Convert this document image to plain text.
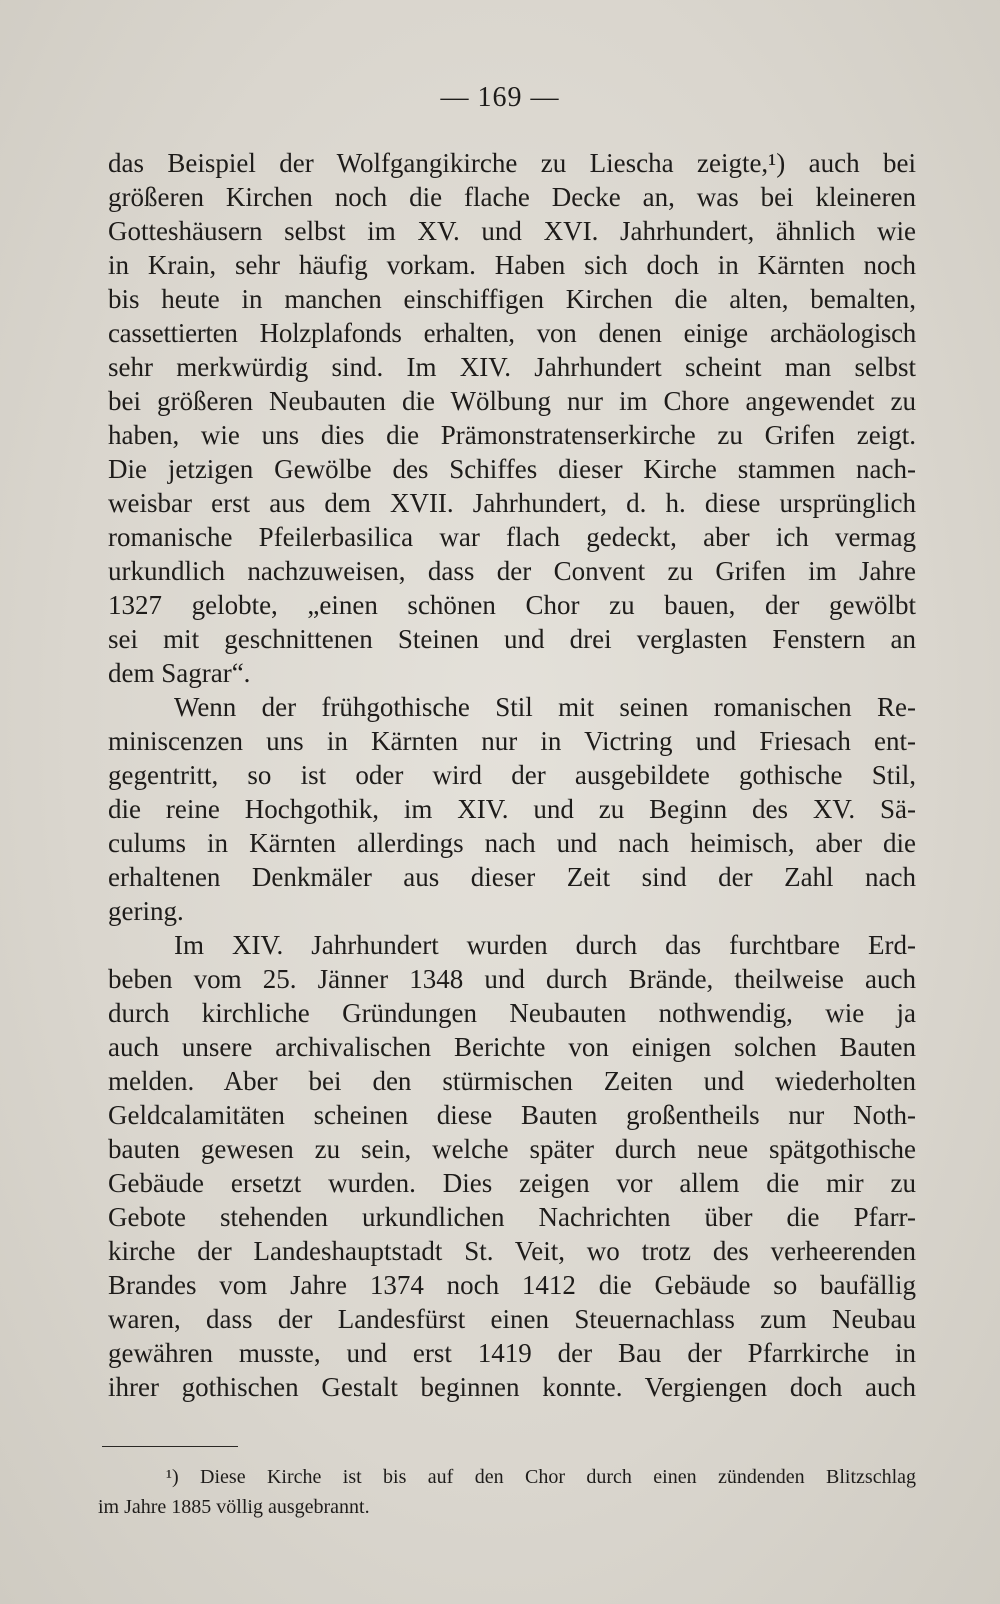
— 169 —
das Beispiel der Wolfgangikirche zu Liescha zeigte,¹) auch bei
größeren Kirchen noch die flache Decke an, was bei kleineren
Gotteshäusern selbst im XV. und XVI. Jahrhundert, ähnlich wie
in Krain, sehr häufig vorkam. Haben sich doch in Kärnten noch
bis heute in manchen einschiffigen Kirchen die alten, bemalten,
cassettierten Holzplafonds erhalten, von denen einige archäologisch
sehr merkwürdig sind. Im XIV. Jahrhundert scheint man selbst
bei größeren Neubauten die Wölbung nur im Chore angewendet zu
haben, wie uns dies die Prämonstratenserkirche zu Grifen zeigt.
Die jetzigen Gewölbe des Schiffes dieser Kirche stammen nach-
weisbar erst aus dem XVII. Jahrhundert, d. h. diese ursprünglich
romanische Pfeilerbasilica war flach gedeckt, aber ich vermag
urkundlich nachzuweisen, dass der Convent zu Grifen im Jahre
1327 gelobte, „einen schönen Chor zu bauen, der gewölbt
sei mit geschnittenen Steinen und drei verglasten Fenstern an
dem Sagrar“.
Wenn der frühgothische Stil mit seinen romanischen Re-
miniscenzen uns in Kärnten nur in Victring und Friesach ent-
gegentritt, so ist oder wird der ausgebildete gothische Stil,
die reine Hochgothik, im XIV. und zu Beginn des XV. Sä-
culums in Kärnten allerdings nach und nach heimisch, aber die
erhaltenen Denkmäler aus dieser Zeit sind der Zahl nach
gering.
Im XIV. Jahrhundert wurden durch das furchtbare Erd-
beben vom 25. Jänner 1348 und durch Brände, theilweise auch
durch kirchliche Gründungen Neubauten nothwendig, wie ja
auch unsere archivalischen Berichte von einigen solchen Bauten
melden. Aber bei den stürmischen Zeiten und wiederholten
Geldcalamitäten scheinen diese Bauten großentheils nur Noth-
bauten gewesen zu sein, welche später durch neue spätgothische
Gebäude ersetzt wurden. Dies zeigen vor allem die mir zu
Gebote stehenden urkundlichen Nachrichten über die Pfarr-
kirche der Landeshauptstadt St. Veit, wo trotz des verheerenden
Brandes vom Jahre 1374 noch 1412 die Gebäude so baufällig
waren, dass der Landesfürst einen Steuernachlass zum Neubau
gewähren musste, und erst 1419 der Bau der Pfarrkirche in
ihrer gothischen Gestalt beginnen konnte. Vergiengen doch auch
¹) Diese Kirche ist bis auf den Chor durch einen zündenden Blitzschlag
im Jahre 1885 völlig ausgebrannt.
